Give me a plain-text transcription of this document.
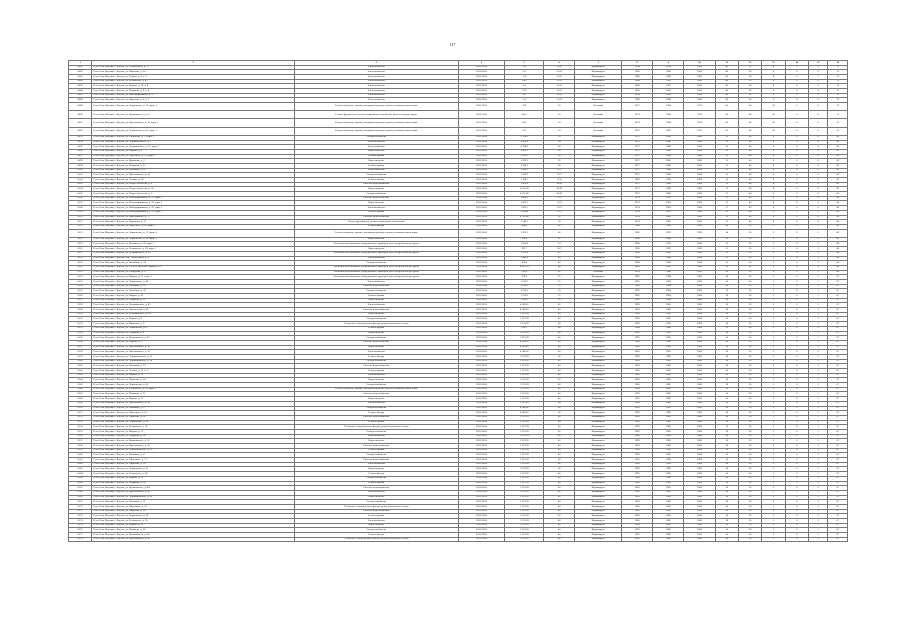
117
1	2	3	4	5	6	7	8	9	10	11	12	13	14	15	16
6081	Респ Саха (Якутия) г. Якутск, ул. Петровского, д. 27	Теплоснабжение	2023-2024	5.4	21.05	Индивидуал	1994	1994	2000	40	35	4	0	5	70
6082	Респ Саха (Якутия) г. Якутск, ул. Пирогова, д. 24	Теплоснабжение	2023-2024	3.8	21.05	Индивидуал	1996	1996	2000	40	36	6	0	6	70
6083	Респ Саха (Якутия) г. Якутск, ул. Губина, д. 8, к. 3	Теплоснабжение	2023-2024	3.4	21.05	Индивидуал	1986	1986	2000	40	36	6	0	7	70
6084	Респ Саха (Якутия) г. Якутск, ул. Белинского, д. 43	Теплоснабжение	2023-2024	5.42	21.05	Индивидуал	1984	1985	2000	40	35	6	0	6	70
6085	Респ Саха (Якутия) г. Якутск, ул. Кирова, д. 14, к. 8	Теплоснабжение	2023-2024	2.4	21.05	Индивидуал	1996	1997	2000	40	36	6	0	5	70
6086	Респ Саха (Якутия) г. Якутск, ул. Пояркова, д. 9, к. 6	Теплоснабжение	2023-2024	5.19	21.05	Индивидуал	1996	2000	2000	40	36	6	0	6	70
6087	Респ Саха (Якутия) г. Якутск, ул. Каландаришвили, д. 4	Теплоснабжение	2023-2024	3.6	21.05	Индивидуал	1998	1998	2000	40	35	6	0	6	70
6088	Респ Саха (Якутия) г. Якутск, ул. Пирогова, д. 8, к. 2	Теплоснабжение	2023-2024	5.4	21.05	Индивидуал	1998	1998	2000	40	36	6	0	6	70
6089	Респ Саха (Якутия) г. Якутск, ул. Лермонтова, д. 10, корп. 1	Ремонт балконов, лоджий, козырьков крыльца и ремонт межпанельных швов	2023-2024	359	20	Блочный	1972	1984	1972	45	40	20	0	0	70
6090	Респ Саха (Якутия) г. Якутск, ул. Кулаковского, д. 10	Ремонт фундамента, ремонт подвальных помещений, ремонт входных групп	2023-2024	580.1	30	Блочный	1974	1984	1974	45	40	20	0	0	70
6091	Респ Саха (Якутия) г. Якутск, ул. Ярославского, д. 16, корп. 1	Ремонт балконов, лоджий, козырьков крыльца и ремонт межпанельных швов	2023-2024	365	20	Блочный	1974	1984	1974	40	40	20	0	0	70
6092	Респ Саха (Якутия) г. Якутск, ул. Лермонтова, д. 62, корп. 1	Ремонт балконов, лоджий, козырьков крыльца и ремонт межпанельных швов	2023-2024	222	20	Блочный	1970	1983	1970	45	40	20	0	0	70
6093	Респ Саха (Якутия) г. Якутск, ул. Свердлова, д. 1, корп. 1	Электроснабжение	2023-2024	1 516.5	70	Индивидуал	1972	1980	2000	15	40	6	0	6	69
6094	Респ Саха (Якутия) г. Якутск, ул. Чернышевского, д. 7	Теплоснабжение	2023-2024	1 000.8	90	Индивидуал	1972	1980	2000	15	40	6	0	6	69
6095	Респ Саха (Якутия) г. Якутск, ул. Дзержинского, д. 22, корп. 1	Теплоснабжение	2023-2024	4 788.9	90	Индивидуал	1972	1980	2000	15	40	6	0	6	69
6096	Респ Саха (Якутия) г. Якутск, ул. Кирова, д. 4	Водоснабжение	2023-2024	1 882.5	90	Индивидуал	1972	1980	2000	15	40	6	0	6	69
6097	Респ Саха (Якутия) г. Якутск, ул. Ойунского, д. 29, корп. 1	Ремонт крыши	2023-2024	2 253.3	90	Индивидуал	1972	1980	2000	15	40	6	0	6	69
6098	Респ Саха (Якутия) г. Якутск, ул. Курашова, д. 2	Водоотведение	2023-2024	1 829.1	90	Индивидуал	1972	1980	2000	15	40	6	0	6	69
6099	Респ Саха (Якутия) г. Якутск, ул. Пояркова, д. 15	Ремонт крыши	2023-2024	1 940.3	90	Индивидуал	1972	1980	2000	15	40	6	0	6	69
6100	Респ Саха (Якутия) г. Якутск, ул. Кальвица, д. 10	Водоснабжение	2023-2024	1 586.1	22.5	Индивидуал	1972	1980	2000	15	40	6	0	6	69
6101	Респ Саха (Якутия) г. Якутск, ул. Ярославского, д. 24	Электроснабжение	2023-2024	1 249.2	22.5	Индивидуал	1972	1980	2000	15	40	6	0	6	69
6102	Респ Саха (Якутия) г. Якутск, пр. Ленина, д. 30	Ремонт крыши	2023-2024	1 168.1	37.8	Индивидуал	1982	1990	2000	15	40	6	0	6	69
6103	Респ Саха (Якутия) г. Якутск, ул. Петра Алексеева, д. 8	Система водоснабжения	2023-2024	1 200.8	34.47	Индивидуал	1972	1980	2000	15	40	6	0	6	69
6104	Респ Саха (Якутия) г. Якутск, ул. Петра Алексеева, д. 14	Водоотведение	2023-2024	4 750.49	34.47	Индивидуал	1972	1980	2000	15	40	6	0	6	69
6105	Респ Саха (Якутия) г. Якутск, ул. Петра Алексеева, д. 2	Электроснабжение	2023-2024	4 750.49	34.47	Индивидуал	1972	1980	2000	15	40	6	0	6	69
6106	Респ Саха (Якутия) г. Якутск, ул. Каландаришвили, д. 23, корп. 1	Система водоснабжения	2023-2024	1 806.2	37.5	Индивидуал	1974	1981	2000	17	40	6	0	6	68
6107	Респ Саха (Якутия) г. Якутск, ул. Каландаришвили, д. 25, корп. 1	Водоотведение	2023-2024	1 093.1	32.9	Индивидуал	1974	1981	2000	17	40	6	0	6	68
6108	Респ Саха (Якутия) г. Якутск, ул. Каландаришвили, д. 29, корп. 1	Теплоснабжение	2023-2024	1 093.1	32.9	Индивидуал	1974	1981	2000	17	40	6	0	6	68
6109	Респ Саха (Якутия) г. Якутск, ул. Каландаришвили, д. 25, корп. 2	Ремонт крыши	2023-2024	1 086.4	32.9	Индивидуал	1974	1981	2000	15	40	6	0	6	68
6110	Респ Саха (Якутия) г. Якутск, ул. Ярославского, д. 17	Система водоснабжения	2023-2024	4 750.49	30	Индивидуал	1974	1982	2000	15	40	6	0	6	68
6111	Респ Саха (Якутия) г. Якутск, ул. Курашова, д. 22	Ремонт фундамента, ремонт подвальных помещений	2023-2024	1 148.1	30	Индивидуал	1974	1982	2000	15	40	6	0	6	68
6112	Респ Саха (Якутия) г. Якутск, ул. Ойунского, д. 42, корп. 1	Ремонт фасада	2023-2024	908.8	48	Индивидуал	1984	1986	2000	14	30	5	0	5	68
6113	Респ Саха (Якутия) г. Якутск, ул. Лермонтова, д. 17, корп. 4	Ремонт балконов, лоджий, козырьков крыльца и ремонт межпанельных швов	2023-2024	1 095.2	48	Индивидуал	1990	1992	1990	14	30	5	0	5	68
6114	Респ Саха (Якутия) г. Якутск, ул. Лермонтова, д. 40, корп. 2	Водоснабжение	2023-2024	358.8	21	Индивидуал	1986	1986	2000	15	30	5	0	5	68
6115	Респ Саха (Якутия) г. Якутск, ул. Кузьмина, д. 26, корп. 2	Установка коллективных (общедомовых) приборов учета потребления ресурсов	2023-2024	1 058.8	24	Индивидуал	1990	1992	2000	15	30	5	0	5	68
6116	Респ Саха (Якутия) г. Якутск, ул. Белинского, д. 58, корп. 1	Водоотведение	2023-2024	391.7	20.7	Индивидуал	1990	1992	1990	15	30	5	0	5	68
6117	Респ Саха (Якутия) г. Якутск, ул. Дзержинского, д. 43	Установка коллективных (общедомовых) приборов учета потребления ресурсов	2023-2024	1 195.4	45	Индивидуал	1980	1982	2000	15	30	5	0	5	68
6118	Респ Саха (Якутия) г. Якутск, пер. Энергетиков, д. 4	Теплоснабжение	2023-2024	1 447.8	40	Индивидуал	1984	1986	2000	15	30	5	0	5	68
6119	Респ Саха (Якутия) г. Якутск, ул. Билибина, д. 28	Электроснабжение	2023-2024	458.4	40	Индивидуал	1984	1986	2000	15	30	5	0	5	68
6120	Респ Саха (Якутия) г. Якутск, ул. 50 лет Советской Армии, д. 55	Установка коллективных (общедомовых) приборов учета потребления ресурсов	2023-2024	4 182.76	48	Индивидуал	1980	1982	2000	15	30	5	0	5	68
6121	Респ Саха (Якутия) г. Якутск, ул. Свердлова, д. 17	Установка коллективных (общедомовых) приборов учета потребления ресурсов	2023-2024	759.8	42	Блочный	1974	1980	2002	20	22	6	0	5	68
6122	Респ Саха (Якутия) г. Якутск, ул. Кирова, д. 27, корп. 1	Установка коллективных (общедомовых) приборов учета потребления ресурсов	2023-2024	759.8	35	Индивидуал	1982	1984	2000	16	30	5	0	5	67
6123	Респ Саха (Якутия) г. Якутск, ул. Лермонтова, д. 44	Теплоснабжение	2023-2024	1 010.3	35	Индивидуал	1982	1984	2000	16	30	5	0	5	67
6124	Респ Саха (Якутия) г. Якутск, ул. Кальвица, д. 16	Система водоснабжения	2023-2024	1 010.3	35	Индивидуал	1982	1984	2000	16	30	5	0	5	67
6125	Респ Саха (Якутия) г. Якутск, ул. Билибина, д. 20	Электроснабжение	2023-2024	1 010.3	35	Индивидуал	1982	1984	2000	16	30	5	0	5	67
6126	Респ Саха (Якутия) г. Якутск, ул. Кирова, д. 29	Ремонт крыши	2023-2024	1 010.3	35	Индивидуал	1982	1984	2000	16	30	5	0	5	67
6127	Респ Саха (Якутия) г. Якутск, ул. Пояркова, д. 12	Водоотведение	2023-2024	1 010.3	35	Индивидуал	1982	1984	2000	16	30	5	0	5	67
6128	Респ Саха (Якутия) г. Якутск, ул. Дзержинского, д. 43	Теплоснабжение	2023-2024	4 188.41	40	Индивидуал	1983	1985	2000	16	30	5	0	5	67
6129	Респ Саха (Якутия) г. Якутск, ул. Ломоносова, д. 43	Система водоснабжения	2023-2024	4 188.41	40	Индивидуал	1983	1985	2000	16	30	5	0	5	67
6130	Респ Саха (Якутия) г. Якутск, ул. Дзержинского, д. 34	Водоотведение	2023-2024	1 253.28	40	Индивидуал	1983	1985	2000	16	30	5	0	5	67
6131	Респ Саха (Якутия) г. Якутск, ул. Кирова, д. 9	Электроснабжение	2023-2024	1 253.28	40	Индивидуал	1983	1985	2000	16	30	5	0	5	67
6132	Респ Саха (Якутия) г. Якутск, ул. Пирогова, д. 9	Утепление и (или) ремонт фасада, ремонт цокольного этажа	2023-2024	1 253.28	40	Индивидуал	1983	1985	2000	16	30	5	0	5	67
6133	Респ Саха (Якутия) г. Якутск, ул. Лермонтова, д. 8	Ремонт крыши	2023-2024	558.3	48	Индивидуал	1984	1986	2000	15	30	5	0	5	67
6134	Респ Саха (Якутия) г. Якутск, ул. Пояркова, д. 8	Водоотведение	2023-2024	1 253.28	40	Индивидуал	1983	1985	2000	16	30	5	0	5	67
6135	Респ Саха (Якутия) г. Якутск, ул. Кулаковского, д. 42	Электроснабжение	2023-2024	1 253.28	40	Индивидуал	1983	1985	2000	16	30	5	0	5	67
6136	Респ Саха (Якутия) г. Якутск, ул. Кирова, д. 27	Система водоснабжения	2023-2024	4 188.41	40	Индивидуал	1983	1985	2000	16	30	5	0	5	67
6137	Респ Саха (Якутия) г. Якутск, ул. Ярославского, д. 30	Водоотведение	2023-2024	4 188.41	40	Индивидуал	1983	1985	2000	16	30	5	0	5	67
6138	Респ Саха (Якутия) г. Якутск, ул. Ярославского, д. 32	Теплоснабжение	2023-2024	4 188.41	40	Индивидуал	1983	1985	2000	16	30	5	0	5	67
6139	Респ Саха (Якутия) г. Якутск, ул. Чернышевского, д. 12	Ремонт фасада	2023-2024	1 253.28	40	Индивидуал	1983	1985	2000	16	30	5	0	5	67
6140	Респ Саха (Якутия) г. Якутск, ул. Чернышевского, д. 14	Электроснабжение	2023-2024	1 253.28	40	Индивидуал	1983	1985	2000	16	30	5	0	5	67
6141	Респ Саха (Якутия) г. Якутск, ул. Кальвица, д. 25	Система водоснабжения	2023-2024	1 253.28	40	Индивидуал	1983	1985	2000	16	30	5	0	5	67
6142	Респ Саха (Якутия) г. Якутск, ул. Ленина, д. 11, к. 3	Ремонт крыши	2023-2024	1 253.28	40	Индивидуал	1983	1985	2000	16	30	5	0	5	67
6143	Респ Саха (Якутия) г. Якутск, ул. Кирова, д. 20	Теплоснабжение	2023-2024	1 253.28	40	Индивидуал	1983	1985	2000	16	30	5	0	5	67
6144	Респ Саха (Якутия) г. Якутск, ул. Пирогова, д. 34	Водоотведение	2023-2024	1 253.28	40	Индивидуал	1983	1985	2000	16	30	5	0	5	67
6145	Респ Саха (Якутия) г. Якутск, ул. Лермонтова, д. 42	Электроснабжение	2023-2024	1 253.28	40	Индивидуал	1983	1985	2000	16	30	5	0	5	67
6146	Респ Саха (Якутия) г. Якутск, ул. Белинского, д. 28, корп. 1	Ремонт балконов, лоджий, козырьков крыльца и ремонт межпанельных швов	2023-2024	1 253.28	40	Индивидуал	1983	1985	2000	16	30	5	0	5	67
6147	Респ Саха (Якутия) г. Якутск, ул. Пояркова, д. 21	Система водоснабжения	2023-2024	1 253.28	40	Индивидуал	1983	1985	2000	16	30	5	0	5	67
6148	Респ Саха (Якутия) г. Якутск, ул. Кирова, д. 23	Водоотведение	2023-2024	1 253.28	40	Индивидуал	1983	1985	2000	16	30	5	0	5	67
6149	Респ Саха (Якутия) г. Якутск, ул. Ярославского, д. 38	Теплоснабжение	2023-2024	1 253.28	40	Индивидуал	1983	1985	2000	16	30	5	0	5	67
6150	Респ Саха (Якутия) г. Якутск, ул. Кальвица, д. 17	Электроснабжение	2023-2024	4 188.41	40	Индивидуал	1983	1985	2000	16	30	5	0	5	67
6151	Респ Саха (Якутия) г. Якутск, ул. Ойунского, д. 14	Ремонт фасада	2023-2024	4 188.41	40	Индивидуал	1983	1985	2000	16	30	5	0	5	67
6152	Респ Саха (Якутия) г. Якутск, ул. Пирогова, д. 28	Система водоснабжения	2023-2024	1 253.28	40	Индивидуал	1983	1985	2000	16	30	5	0	5	67
6153	Респ Саха (Якутия) г. Якутск, ул. Лермонтова, д. 36	Ремонт крыши	2023-2024	1 253.28	40	Индивидуал	1983	1985	2000	16	30	5	0	5	67
6154	Респ Саха (Якутия) г. Якутск, ул. Белинского, д. 56	Утепление и (или) ремонт фасада, ремонт цокольного этажа	2023-2024	1 253.28	40	Индивидуал	1983	1985	2000	16	30	5	0	5	67
6155	Респ Саха (Якутия) г. Якутск, ул. Кирова, д. 11	Электроснабжение	2023-2024	1 253.28	40	Индивидуал	1983	1985	2000	16	30	5	0	5	67
6156	Респ Саха (Якутия) г. Якутск, ул. Пояркова, д. 14	Теплоснабжение	2023-2024	1 253.28	40	Индивидуал	1983	1985	2000	16	30	5	0	5	67
6157	Респ Саха (Якутия) г. Якутск, ул. Кулаковского, д. 30	Водоотведение	2023-2024	1 253.28	40	Индивидуал	1983	1985	2000	16	30	5	0	5	67
6158	Респ Саха (Якутия) г. Якутск, ул. Ярославского, д. 25	Система водоснабжения	2023-2024	1 253.28	40	Индивидуал	1983	1985	2000	16	30	5	0	5	67
6159	Респ Саха (Якутия) г. Якутск, ул. Чернышевского, д. 20	Ремонт крыши	2023-2024	1 253.28	40	Индивидуал	1983	1985	2000	16	30	5	0	5	67
6160	Респ Саха (Якутия) г. Якутск, ул. Кальвица, д. 27	Электроснабжение	2023-2024	1 253.28	40	Индивидуал	1983	1985	2000	16	30	5	0	5	67
6161	Респ Саха (Якутия) г. Якутск, ул. Ойунского, д. 31	Система водоснабжения	2023-2024	1 253.28	40	Индивидуал	1983	1985	2000	16	30	5	0	5	67
6162	Респ Саха (Якутия) г. Якутск, ул. Пирогова, д. 30	Теплоснабжение	2023-2024	1 253.28	40	Индивидуал	1983	1985	2000	16	30	5	0	5	67
6163	Респ Саха (Якутия) г. Якутск, ул. Лермонтова, д. 52	Водоотведение	2023-2024	1 253.28	40	Индивидуал	1983	1985	2000	16	30	5	0	5	67
6164	Респ Саха (Якутия) г. Якутск, ул. Белинского, д. 46	Ремонт фасада	2023-2024	1 253.28	40	Индивидуал	1983	1985	2000	16	30	5	0	5	67
6165	Респ Саха (Якутия) г. Якутск, ул. Кирова, д. 31	Электроснабжение	2023-2024	1 253.28	40	Индивидуал	1983	1985	2000	16	30	5	0	5	67
6166	Респ Саха (Якутия) г. Якутск, ул. Пояркова, д. 24	Ремонт крыши	2023-2024	1 253.28	40	Индивидуал	1983	1985	2000	16	30	5	0	5	67
6167	Респ Саха (Якутия) г. Якутск, ул. Кулаковского, д. 44	Система водоснабжения	2023-2024	1 253.28	40	Индивидуал	1983	1985	2000	16	30	5	0	5	67
6168	Респ Саха (Якутия) г. Якутск, ул. Ярославского, д. 41	Теплоснабжение	2023-2024	1 253.28	40	Индивидуал	1983	1985	2000	16	30	5	0	5	67
6169	Респ Саха (Якутия) г. Якутск, ул. Чернышевского, д. 28	Водоотведение	2023-2024	1 253.28	40	Индивидуал	1983	1985	2000	16	30	5	0	5	67
6170	Респ Саха (Якутия) г. Якутск, ул. Кальвица, д. 31	Электроснабжение	2023-2024	1 253.28	40	Индивидуал	1983	1985	2000	16	30	5	0	5	67
6171	Респ Саха (Якутия) г. Якутск, ул. Ойунского, д. 35	Утепление и (или) ремонт фасада, ремонт цокольного этажа	2023-2024	1 253.28	40	Индивидуал	1983	1985	2000	16	30	5	0	5	67
6172	Респ Саха (Якутия) г. Якутск, ул. Пирогова, д. 36	Система водоснабжения	2023-2024	1 253.28	40	Индивидуал	1983	1985	2000	16	30	5	0	5	67
6173	Респ Саха (Якутия) г. Якутск, ул. Лермонтова, д. 58	Ремонт крыши	2023-2024	1 253.28	40	Индивидуал	1983	1985	2000	16	30	5	0	5	67
6174	Респ Саха (Якутия) г. Якутск, ул. Белинского, д. 50	Теплоснабжение	2023-2024	1 253.28	40	Индивидуал	1983	1985	2000	16	30	5	0	5	67
6175	Респ Саха (Якутия) г. Якутск, ул. Кирова, д. 33	Водоотведение	2023-2024	1 253.28	40	Индивидуал	1983	1985	2000	16	30	5	0	5	67
6176	Респ Саха (Якутия) г. Якутск, ул. Пояркова, д. 26	Электроснабжение	2023-2024	1 253.28	40	Индивидуал	1983	1985	2000	16	30	5	0	5	67
6177	Респ Саха (Якутия) г. Якутск, ул. Кулаковского, д. 46	Ремонт фасада	2023-2024	1 253.28	40	Индивидуал	1983	1985	2000	16	30	5	0	5	67
6178	Респ Саха (Якутия) г. Якутск, ул. Ярославского, д. 43	Утепление и (или) ремонт фасада, ремонт цокольного этажа	2023-2024	1 253.28	40	Индивидуал	1983	1985	2000	16	30	5	0	5	67
